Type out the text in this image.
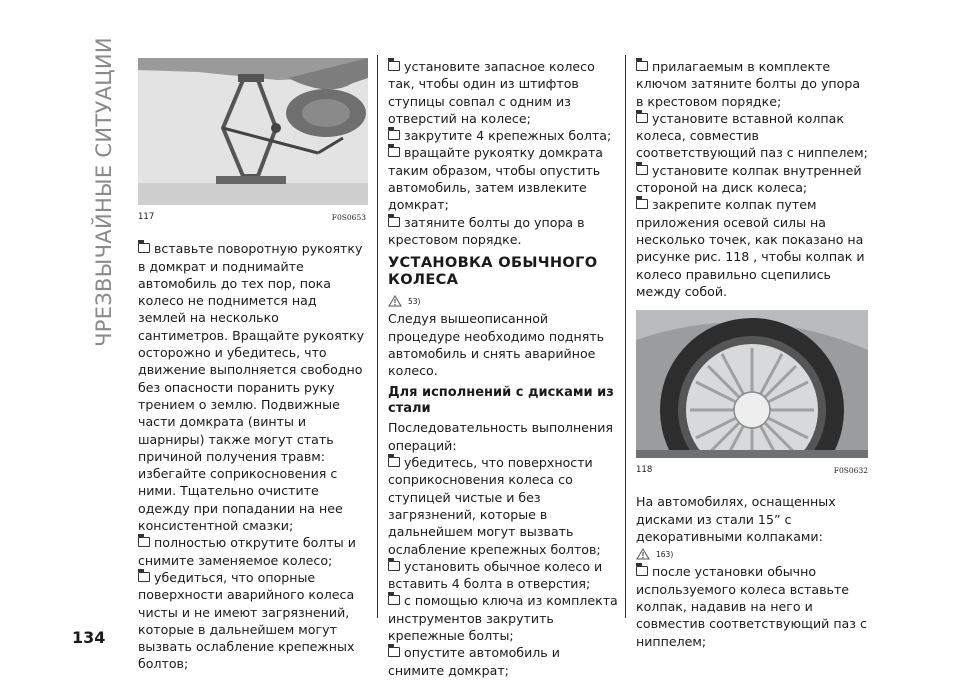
ЧРЕЗВЫЧАЙНЫЕ СИТУАЦИИ	117	F0S0653

вставьте поворотную рукоятку в домкрат и поднимайте автомобиль до тех пор, пока колесо не поднимется над землей на несколько сантиметров. Вращайте рукоятку осторожно и убедитесь, что движение выполняется свободно без опасности поранить руку трением о землю. Подвижные части домкрата (винты и шарниры) также могут стать причиной получения травм: избегайте соприкосновения с ними. Тщательно очистите одежду при попадании на нее консистентной смазки;

полностью открутите болты и снимите заменяемое колесо;

убедиться, что опорные поверхности аварийного колеса чисты и не имеют загрязнений, которые в дальнейшем могут вызвать ослабление крепежных болтов;

установите запасное колесо так, чтобы один из штифтов ступицы совпал с одним из отверстий на колесе;

закрутите 4 крепежных болта;

вращайте рукоятку домкрата таким образом, чтобы опустить автомобиль, затем извлеките домкрат;

затяните болты до упора в крестовом порядке.

УСТАНОВКА ОБЫЧНОГО КОЛЕСА
53)

Следуя вышеописанной процедуре необходимо поднять автомобиль и снять аварийное колесо.

Для исполнений с дисками из стали

Последовательность выполнения операций:

убедитесь, что поверхности соприкосновения колеса со ступицей чистые и без загрязнений, которые в дальнейшем могут вызвать ослабление крепежных болтов;

установить обычное колесо и вставить 4 болта в отверстия;

с помощью ключа из комплекта инструментов закрутить крепежные болты;

опустите автомобиль и снимите домкрат;

прилагаемым в комплекте ключом затяните болты до упора в крестовом порядке;

установите вставной колпак колеса, совместив соответствующий паз с ниппелем;

установите колпак внутренней стороной на диск колеса;

закрепите колпак путем приложения осевой силы на несколько точек, как показано на рисунке рис. 118 , чтобы колпак и колесо правильно сцепились между собой.

118	F0S0632

На автомобилях, оснащенных дисками из стали 15” с декоративными колпаками:

163)

после установки обычно используемого колеса вставьте колпак, надавив на него и совместив соответствующий паз с ниппелем;

134
